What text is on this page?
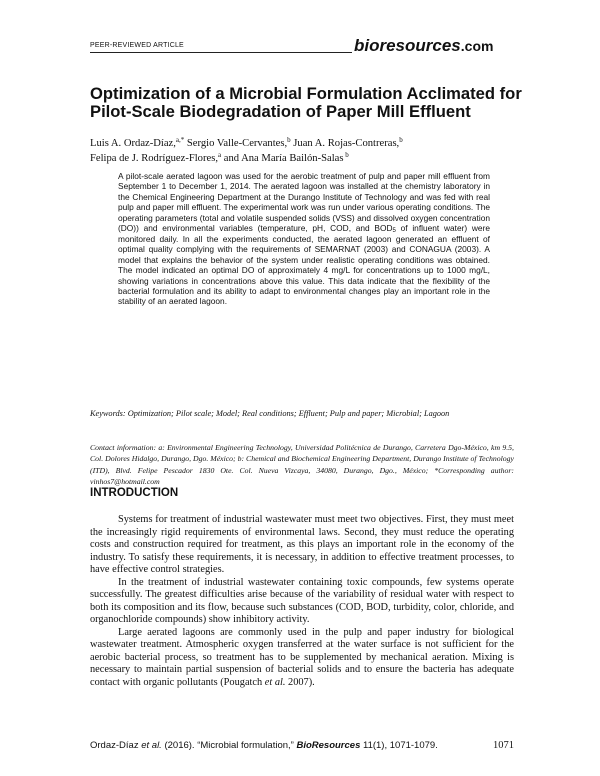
PEER-REVIEWED ARTICLE	bioresources.com
Optimization of a Microbial Formulation Acclimated for
Pilot-Scale Biodegradation of Paper Mill Effluent
Luis A. Ordaz-Díaz,$^{a,*}$ Sergio Valle-Cervantes,$^b$ Juan A. Rojas-Contreras,$^b$
Felipa de J. Rodríguez-Flores,$^a$ and Ana María Bailón-Salas $^b$
A pilot-scale aerated lagoon was used for the aerobic treatment of pulp and paper mill effluent from September 1 to December 1, 2014. The aerated lagoon was installed at the chemistry laboratory in the Chemical Engineering Department at the Durango Institute of Technology and was fed with real pulp and paper mill effluent. The experimental work was run under various operating conditions. The operating parameters (total and volatile suspended solids (VSS) and dissolved oxygen concentration (DO)) and environmental variables (temperature, pH, COD, and $BOD_5$ of influent water) were monitored daily. In all the experiments conducted, the aerated lagoon generated an effluent of optimal quality complying with the requirements of SEMARNAT (2003) and CONAGUA (2003). A model that explains the behavior of the system under realistic operating conditions was obtained. The model indicated an optimal DO of approximately 4 mg/L for concentrations up to 1000 mg/L, showing variations in concentrations above this value. This data indicate that the flexibility of the bacterial formulation and its ability to adapt to environmental changes play an important role in the stability of an aerated lagoon.
Keywords: Optimization; Pilot scale; Model; Real conditions; Effluent; Pulp and paper; Microbial; Lagoon
Contact information: a: Environmental Engineering Technology, Universidad Politécnica de Durango, Carretera Dgo-México, km 9.5, Col. Dolores Hidalgo, Durango, Dgo. México; b: Chemical and Biochemical Engineering Department, Durango Institute of Technology (ITD), Blvd. Felipe Pescador 1830 Ote. Col. Nueva Vizcaya, 34080, Durango, Dgo., México; *Corresponding author: vinhos7@hotmail.com
INTRODUCTION

Systems for treatment of industrial wastewater must meet two objectives. First, they must meet the increasingly rigid requirements of environmental laws. Second, they must reduce the operating costs and construction required for treatment, as this plays an important role in the economy of the industry. To satisfy these requirements, it is necessary, in addition to effective treatment processes, to have effective control strategies.

In the treatment of industrial wastewater containing toxic compounds, few systems operate successfully. The greatest difficulties arise because of the variability of residual water with respect to both its composition and its flow, because such substances (COD, BOD, turbidity, color, chloride, and organochloride compounds) show inhibitory activity.

Large aerated lagoons are commonly used in the pulp and paper industry for biological wastewater treatment. Atmospheric oxygen transferred at the water surface is not sufficient for the aerobic bacterial process, so treatment has to be supplemented by mechanical aeration. Mixing is necessary to maintain partial suspension of bacterial solids and to ensure the bacteria has adequate contact with organic pollutants (Pougatch et al. 2007).

Ordaz-Díaz et al. (2016). “Microbial formulation,” BioResources 11(1), 1071-1079.	1071
